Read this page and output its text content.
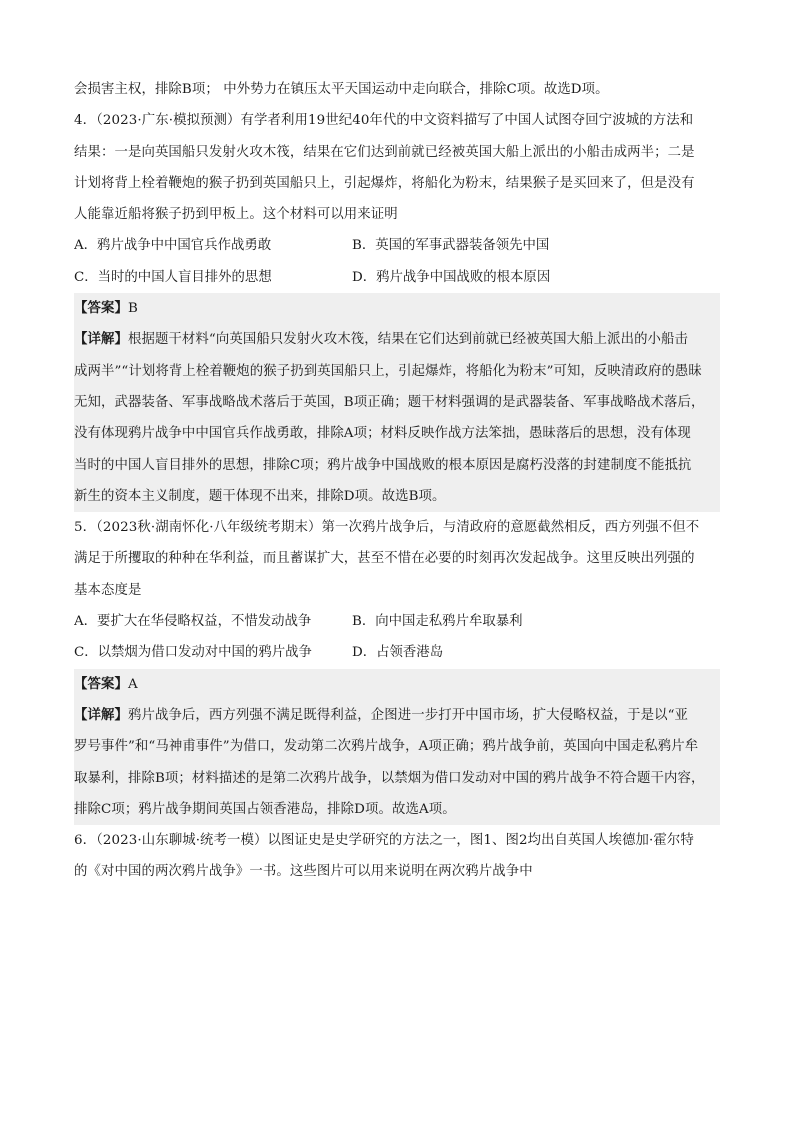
会损害主权，排除B项； 中外势力在镇压太平天国运动中走向联合，排除C项。故选D项。
4．（2023·广东·模拟预测）有学者利用19世纪40年代的中文资料描写了中国人试图夺回宁波城的方法和
结果：一是向英国船只发射火攻木筏，结果在它们达到前就已经被英国大船上派出的小船击成两半；二是
计划将背上栓着鞭炮的猴子扔到英国船只上，引起爆炸，将船化为粉末，结果猴子是买回来了，但是没有
人能靠近船将猴子扔到甲板上。这个材料可以用来证明
A．鸦片战争中中国官兵作战勇敢	B．英国的军事武器装备领先中国
C．当时的中国人盲目排外的思想	D．鸦片战争中国战败的根本原因
【答案】B
【详解】根据题干材料“向英国船只发射火攻木筏，结果在它们达到前就已经被英国大船上派出的小船击
成两半”“计划将背上栓着鞭炮的猴子扔到英国船只上，引起爆炸，将船化为粉末”可知，反映清政府的愚昧
无知，武器装备、军事战略战术落后于英国，B项正确；题干材料强调的是武器装备、军事战略战术落后，
没有体现鸦片战争中中国官兵作战勇敢，排除A项；材料反映作战方法笨拙，愚昧落后的思想，没有体现
当时的中国人盲目排外的思想，排除C项；鸦片战争中国战败的根本原因是腐朽没落的封建制度不能抵抗
新生的资本主义制度，题干体现不出来，排除D项。故选B项。
5．（2023秋·湖南怀化·八年级统考期末）第一次鸦片战争后，与清政府的意愿截然相反，西方列强不但不
满足于所攫取的种种在华利益，而且蓄谋扩大，甚至不惜在必要的时刻再次发起战争。这里反映出列强的
基本态度是
A．要扩大在华侵略权益，不惜发动战争	B．向中国走私鸦片牟取暴利
C．以禁烟为借口发动对中国的鸦片战争	D．占领香港岛
【答案】A
【详解】鸦片战争后，西方列强不满足既得利益，企图进一步打开中国市场，扩大侵略权益，于是以“亚
罗号事件”和“马神甫事件”为借口，发动第二次鸦片战争，A项正确；鸦片战争前，英国向中国走私鸦片牟
取暴利，排除B项；材料描述的是第二次鸦片战争，以禁烟为借口发动对中国的鸦片战争不符合题干内容，
排除C项；鸦片战争期间英国占领香港岛，排除D项。故选A项。
6．（2023·山东聊城·统考一模）以图证史是史学研究的方法之一，图1、图2均出自英国人埃德加·霍尔特
的《对中国的两次鸦片战争》一书。这些图片可以用来说明在两次鸦片战争中
